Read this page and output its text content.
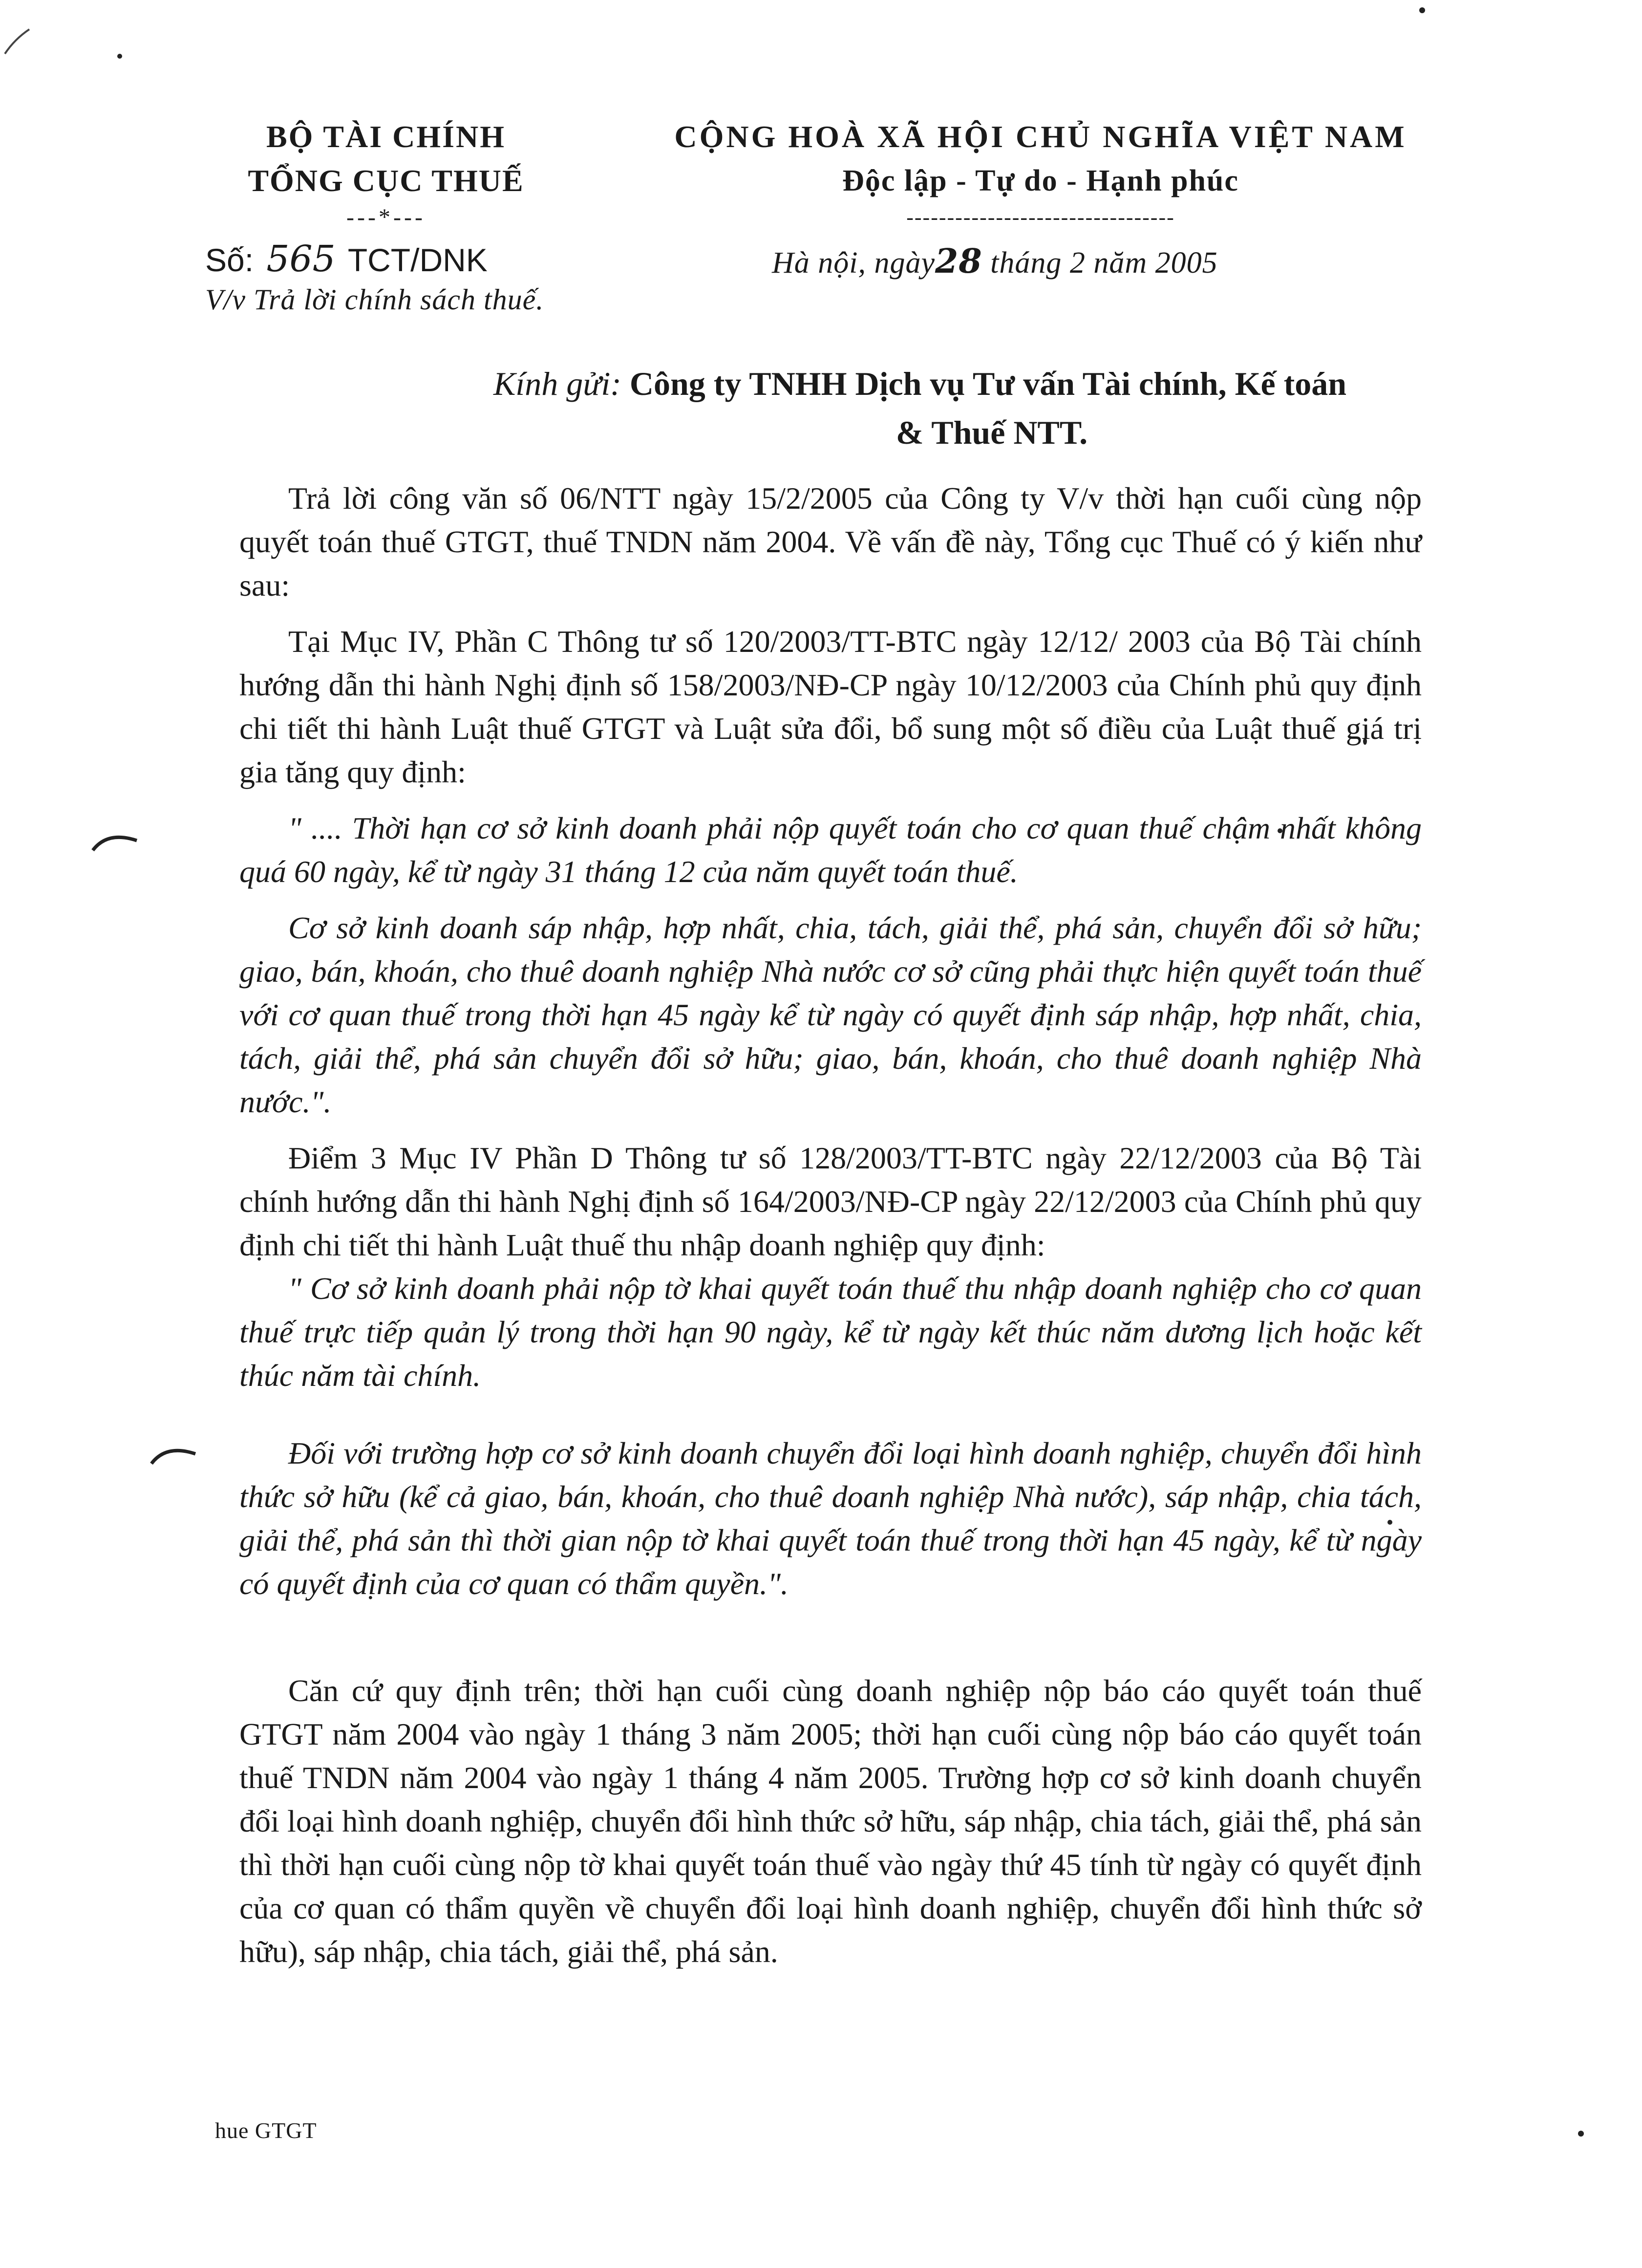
BỘ TÀI CHÍNH
TỔNG CỤC THUẾ
---*---
CỘNG HOÀ XÃ HỘI CHỦ NGHĨA VIỆT NAM
Độc lập - Tự do - Hạnh phúc
---------------------------------
Số: 565 TCT/DNK
V/v Trả lời chính sách thuế.
Hà nội, ngày28 tháng 2 năm 2005
Kính gửi: Công ty TNHH Dịch vụ Tư vấn Tài chính, Kế toán
& Thuế NTT.

Trả lời công văn số 06/NTT ngày 15/2/2005 của Công ty V/v thời hạn cuối cùng nộp quyết toán thuế GTGT, thuế TNDN năm 2004. Về vấn đề này, Tổng cục Thuế có ý kiến như sau:

Tại Mục IV, Phần C Thông tư số 120/2003/TT-BTC ngày 12/12/ 2003 của Bộ Tài chính hướng dẫn thi hành Nghị định số 158/2003/NĐ-CP ngày 10/12/2003 của Chính phủ quy định chi tiết thi hành Luật thuế GTGT và Luật sửa đổi, bổ sung một số điều của Luật thuế giá trị gia tăng quy định:

" .... Thời hạn cơ sở kinh doanh phải nộp quyết toán cho cơ quan thuế chậm nhất không quá 60 ngày, kể từ ngày 31 tháng 12 của năm quyết toán thuế.

Cơ sở kinh doanh sáp nhập, hợp nhất, chia, tách, giải thể, phá sản, chuyển đổi sở hữu; giao, bán, khoán, cho thuê doanh nghiệp Nhà nước cơ sở cũng phải thực hiện quyết toán thuế với cơ quan thuế trong thời hạn 45 ngày kể từ ngày có quyết định sáp nhập, hợp nhất, chia, tách, giải thể, phá sản chuyển đổi sở hữu; giao, bán, khoán, cho thuê doanh nghiệp Nhà nước.".

Điểm 3 Mục IV Phần D Thông tư số 128/2003/TT-BTC ngày 22/12/2003 của Bộ Tài chính hướng dẫn thi hành Nghị định số 164/2003/NĐ-CP ngày 22/12/2003 của Chính phủ quy định chi tiết thi hành Luật thuế thu nhập doanh nghiệp quy định:

" Cơ sở kinh doanh phải nộp tờ khai quyết toán thuế thu nhập doanh nghiệp cho cơ quan thuế trực tiếp quản lý trong thời hạn 90 ngày, kể từ ngày kết thúc năm dương lịch hoặc kết thúc năm tài chính.

Đối với trường hợp cơ sở kinh doanh chuyển đổi loại hình doanh nghiệp, chuyển đổi hình thức sở hữu (kể cả giao, bán, khoán, cho thuê doanh nghiệp Nhà nước), sáp nhập, chia tách, giải thể, phá sản thì thời gian nộp tờ khai quyết toán thuế trong thời hạn 45 ngày, kể từ ngày có quyết định của cơ quan có thẩm quyền.".

Căn cứ quy định trên; thời hạn cuối cùng doanh nghiệp nộp báo cáo quyết toán thuế GTGT năm 2004 vào ngày 1 tháng 3 năm 2005; thời hạn cuối cùng nộp báo cáo quyết toán thuế TNDN năm 2004 vào ngày 1 tháng 4 năm 2005. Trường hợp cơ sở kinh doanh chuyển đổi loại hình doanh nghiệp, chuyển đổi hình thức sở hữu, sáp nhập, chia tách, giải thể, phá sản thì thời hạn cuối cùng nộp tờ khai quyết toán thuế vào ngày thứ 45 tính từ ngày có quyết định của cơ quan có thẩm quyền về chuyển đổi loại hình doanh nghiệp, chuyển đổi hình thức sở hữu), sáp nhập, chia tách, giải thể, phá sản.

hue GTGT
